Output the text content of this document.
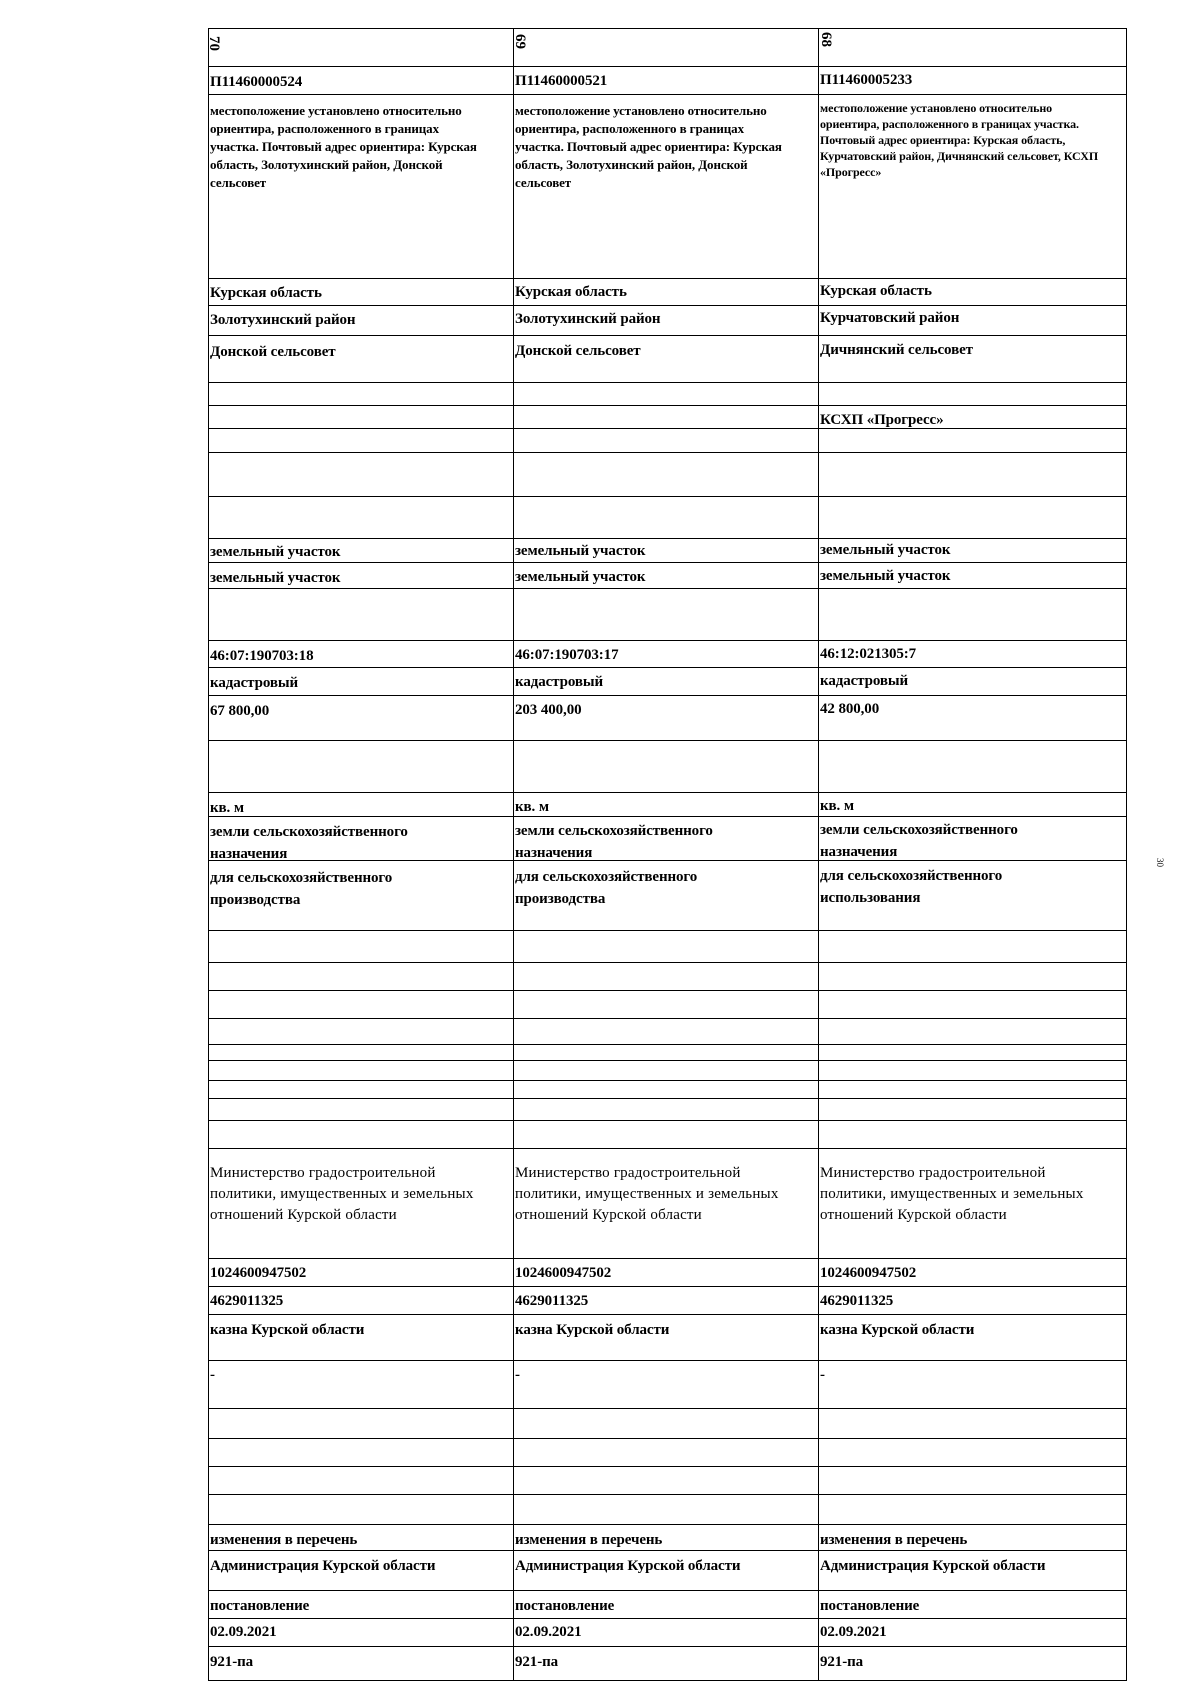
70
П11460000524
местоположение установлено относительно ориентира, расположенного в границах участка. Почтовый адрес ориентира: Курская область, Золотухинский район, Донской сельсовет
Курская область
Золотухинский район
Донской сельсовет
земельный участок
земельный участок
46:07:190703:18
кадастровый
67 800,00
кв. м
земли сельскохозяйственного
назначения
для сельскохозяйственного
производства
Министерство градостроительной политики, имущественных и земельных отношений Курской области
1024600947502
4629011325
казна Курской области
-
изменения в перечень
Администрация Курской области
постановление
02.09.2021
921-па
69
П11460000521
местоположение установлено относительно ориентира, расположенного в границах участка. Почтовый адрес ориентира: Курская область, Золотухинский район, Донской сельсовет
Курская область
Золотухинский район
Донской сельсовет
земельный участок
земельный участок
46:07:190703:17
кадастровый
203 400,00
кв. м
земли сельскохозяйственного
назначения
для сельскохозяйственного
производства
Министерство градостроительной политики, имущественных и земельных отношений Курской области
1024600947502
4629011325
казна Курской области
-
изменения в перечень
Администрация Курской области
постановление
02.09.2021
921-па
68
П11460005233
местоположение установлено относительно ориентира, расположенного в границах участка. Почтовый адрес ориентира: Курская область, Курчатовский район, Дичнянский сельсовет, КСХП «Прогресс»
Курская область
Курчатовский район
Дичнянский сельсовет
КСХП «Прогресс»
земельный участок
земельный участок
46:12:021305:7
кадастровый
42 800,00
кв. м
земли сельскохозяйственного
назначения
для сельскохозяйственного
использования
Министерство градостроительной политики, имущественных и земельных отношений Курской области
1024600947502
4629011325
казна Курской области
-
изменения в перечень
Администрация Курской области
постановление
02.09.2021
921-па
30
